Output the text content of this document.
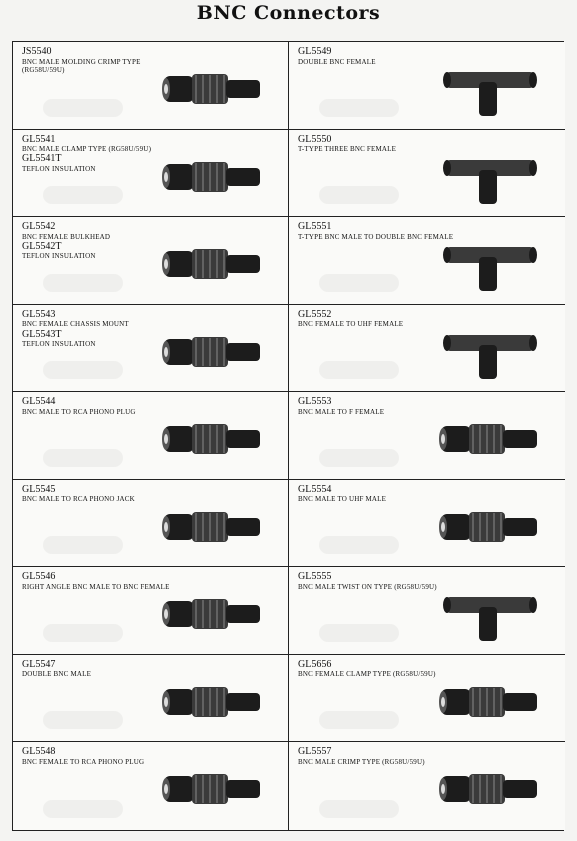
BNC Connectors
JS5540
BNC MALE MOLDING CRIMP TYPE
(RG58U/59U)
GL5549
DOUBLE BNC FEMALE
GL5541
BNC MALE CLAMP TYPE (RG58U/59U)
GL5541T
TEFLON INSULATION
GL5550
T-TYPE THREE BNC FEMALE
GL5542
BNC FEMALE BULKHEAD
GL5542T
TEFLON INSULATION
GL5551
T-TYPE BNC MALE TO DOUBLE BNC FEMALE
GL5543
BNC FEMALE CHASSIS MOUNT
GL5543T
TEFLON INSULATION
GL5552
BNC FEMALE TO UHF FEMALE
GL5544
BNC MALE TO RCA PHONO PLUG
GL5553
BNC MALE TO F FEMALE
GL5545
BNC MALE TO RCA PHONO JACK
GL5554
BNC MALE TO UHF MALE
GL5546
RIGHT ANGLE BNC MALE TO BNC FEMALE
GL5555
BNC MALE TWIST ON TYPE (RG58U/59U)
GL5547
DOUBLE BNC MALE
GL5656
BNC FEMALE CLAMP TYPE (RG58U/59U)
GL5548
BNC FEMALE TO RCA PHONO PLUG
GL5557
BNC MALE CRIMP TYPE (RG58U/59U)
